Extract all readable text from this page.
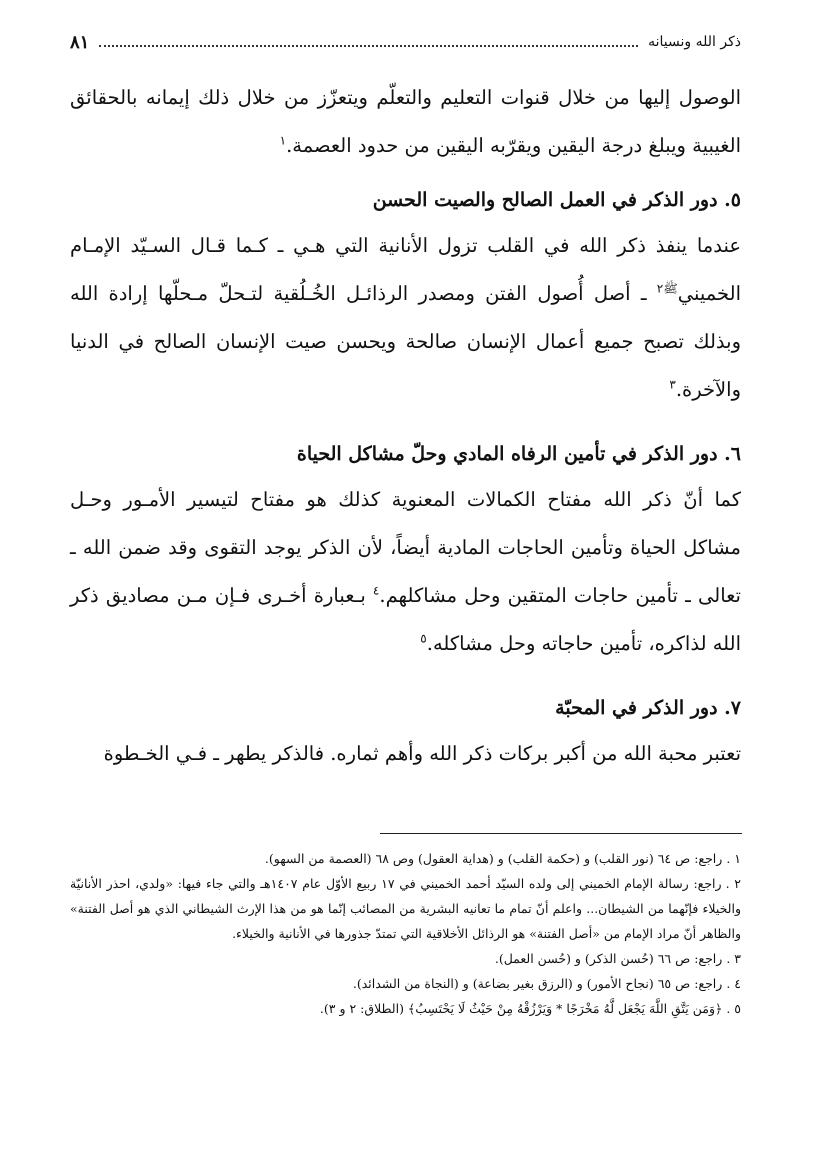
ذكر الله ونسيانه
٨١

الوصول إليها من خلال قنوات التعليم والتعلّم ويتعزّز من خلال ذلك إيمانه بالحقائق الغيبية ويبلغ درجة اليقين ويقرّبه اليقين من حدود العصمة.$^١$

٥. دور الذكر في العمل الصالح والصيت الحسن

عندما ينفذ ذكر الله في القلب تزول الأنانية التي هـي ـ كـما قـال السـيّد الإمـام الخميني$^{ﷺ٢}$ ـ أصل أُصول الفتن ومصدر الرذائـل الخُـلُقية لتـحلّ مـحلّها إرادة الله وبذلك تصبح جميع أعمال الإنسان صالحة ويحسن صيت الإنسان الصالح في الدنيا والآخرة.$^٣$

٦. دور الذكر في تأمين الرفاه المادي وحلّ مشاكل الحياة

كما أنّ ذكر الله مفتاح الكمالات المعنوية كذلك هو مفتاح لتيسير الأمـور وحـل مشاكل الحياة وتأمين الحاجات المادية أيضاً، لأن الذكر يوجد التقوى وقد ضمن الله ـ تعالى ـ تأمين حاجات المتقين وحل مشاكلهم.$^٤$ بـعبارة أخـرى فـإن مـن مصاديق ذكر الله لذاكره، تأمين حاجاته وحل مشاكله.$^٥$

٧. دور الذكر في المحبّة

تعتبر محبة الله من أكبر بركات ذكر الله وأهم ثماره. فالذكر يطهر ـ فـي الخـطوة

١ .راجع: ص ٦٤ (نور القلب) و (حكمة القلب) و (هداية العقول) وص ٦٨ (العصمة من السهو).

٢ .راجع: رسالة الإمام الخميني إلى ولده السيّد أحمد الخميني في ١٧ ربيع الأوّل عام ١٤٠٧هـ والتي جاء فيها: «ولدي، احذر الأنانيّة والخيلاء فإنّهما من الشيطان... واعلم أنّ تمام ما تعانيه البشرية من المصائب إنّما هو من هذا الإرث الشيطاني الذي هو أصل الفتنة» والظاهر أنّ مراد الإمام من «أصل الفتنة» هو الرذائل الأخلاقية التي تمتدّ جذورها في الأنانية والخيلاء.

٣ .راجع: ص ٦٦ (حُسن الذكر) و (حُسن العمل).

٤ .راجع: ص ٦٥ (نجاح الأمور) و (الرزق بغير بضاعة) و (النجاة من الشدائد).

٥ .﴿وَمَن يَتَّقِ اللَّهَ يَجْعَل لَّهُ مَخْرَجًا * وَيَرْزُقْهُ مِنْ حَيْثُ لَا يَحْتَسِبُ﴾ (الطلاق: ٢ و ٣).
